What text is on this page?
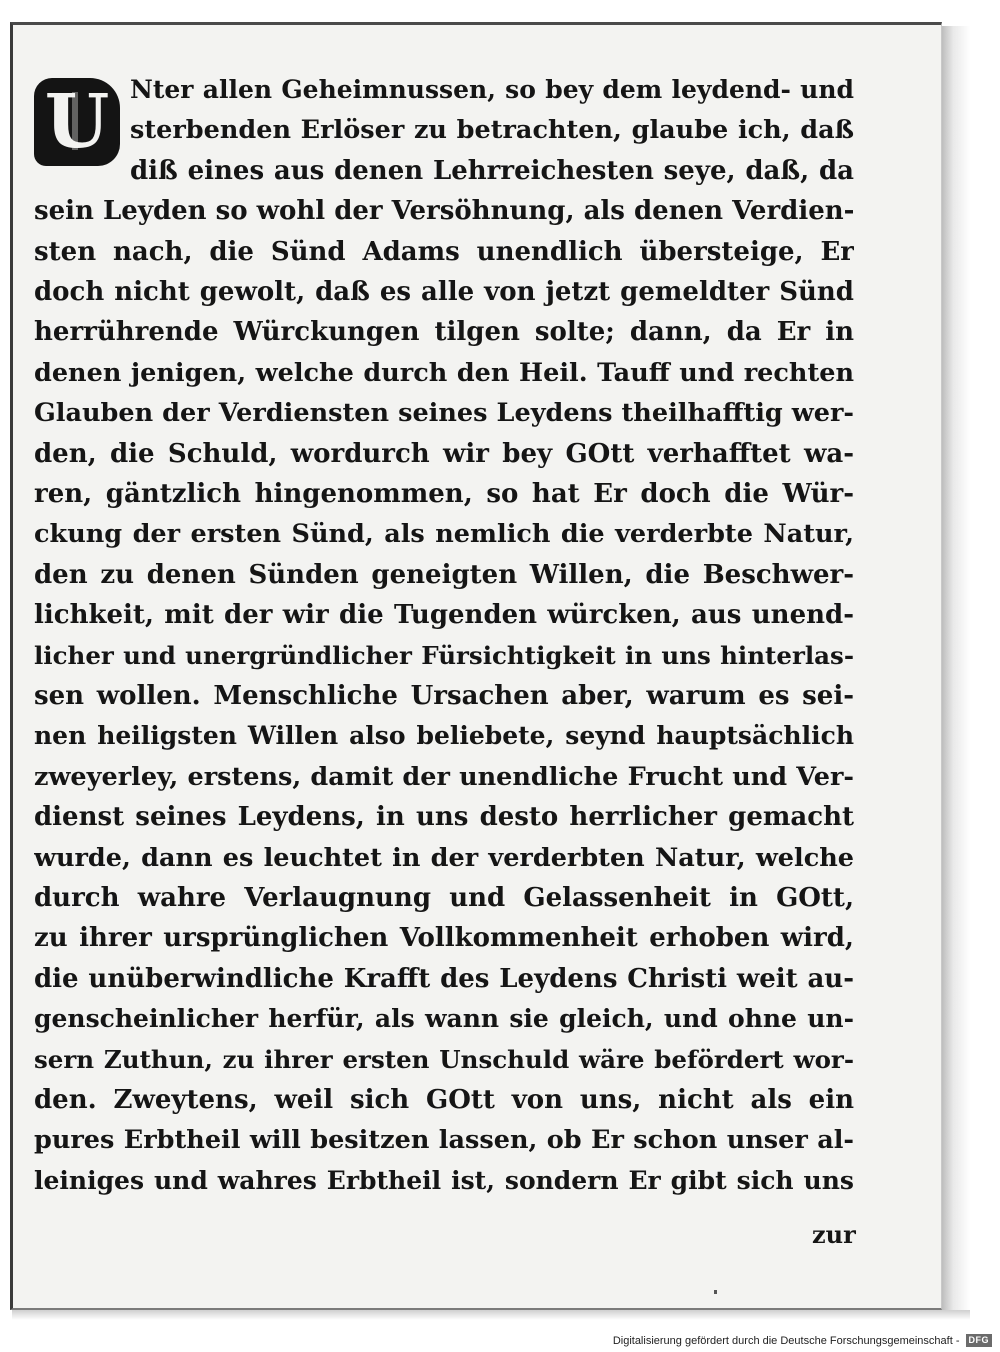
U Nter allen Geheimnussen, so bey dem leydend- und
sterbenden Erlöser zu betrachten, glaube ich, daß
diß eines aus denen Lehrreichesten seye, daß, da
sein Leyden so wohl der Versöhnung, als denen Verdien-
sten nach, die Sünd Adams unendlich übersteige, Er
doch nicht gewolt, daß es alle von jetzt gemeldter Sünd
herrührende Würckungen tilgen solte; dann, da Er in
denen jenigen, welche durch den Heil. Tauff und rechten
Glauben der Verdiensten seines Leydens theilhafftig wer-
den, die Schuld, wordurch wir bey GOtt verhafftet wa-
ren, gäntzlich hingenommen, so hat Er doch die Wür-
ckung der ersten Sünd, als nemlich die verderbte Natur,
den zu denen Sünden geneigten Willen, die Beschwer-
lichkeit, mit der wir die Tugenden würcken, aus unend-
licher und unergründlicher Fürsichtigkeit in uns hinterlas-
sen wollen. Menschliche Ursachen aber, warum es sei-
nen heiligsten Willen also beliebete, seynd hauptsächlich
zweyerley, erstens, damit der unendliche Frucht und Ver-
dienst seines Leydens, in uns desto herrlicher gemacht
wurde, dann es leuchtet in der verderbten Natur, welche
durch wahre Verlaugnung und Gelassenheit in GOtt,
zu ihrer ursprünglichen Vollkommenheit erhoben wird,
die unüberwindliche Krafft des Leydens Christi weit au-
genscheinlicher herfür, als wann sie gleich, und ohne un-
sern Zuthun, zu ihrer ersten Unschuld wäre befördert wor-
den. Zweytens, weil sich GOtt von uns, nicht als ein
pures Erbtheil will besitzen lassen, ob Er schon unser al-
leiniges und wahres Erbtheil ist, sondern Er gibt sich uns
zur
Digitalisierung gefördert durch die Deutsche Forschungsgemeinschaft -	DFG
